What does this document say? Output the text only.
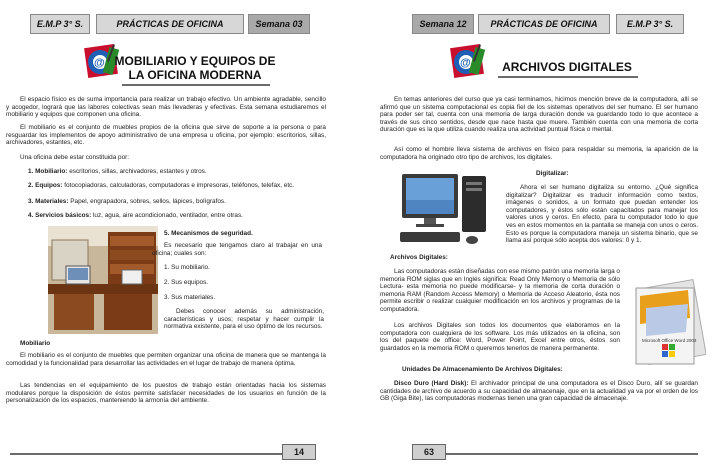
E.M.P 3° S.	PRÁCTICAS DE OFICINA	Semana 03
@ MOBILIARIO Y EQUIPOS DE
LA OFICINA MODERNA
El espacio físico es de suma importancia para realizar un trabajo efectivo. Un ambiente agradable, sencillo y acogedor, logrará que las labores colectivas sean más llevaderas y efectivas. Esta semana estudiaremos el mobiliario y equipos que componen una oficina.
El mobiliario es el conjunto de muebles propios de la oficina que sirve de soporte a la persona o para resguardar los implementos de apoyo administrativo de una empresa u oficina, por ejemplo: escritorios, sillas, archivadores, estantes, etc.
Una oficina debe estar constituida por:
1. Mobiliario: escritorios, sillas, archivadores, estantes y otros.
2. Equipos: fotocopiadoras, calculadoras, computadoras e impresoras, teléfonos, telefax, etc.
3. Materiales: Papel, engrapadora, sobres, sellos, lápices, bolígrafos.
4. Servicios básicos: luz, agua, aire acondicionado, ventilador, entre otras.
5. Mecanismos de seguridad.
Es necesario que tengamos claro al trabajar en una oficina; cuales son:
1. Su mobiliario.
2. Sus equipos.
3. Sus materiales.
Debes conocer además su administración, características y usos; respetar y hacer cumplir la normativa existente, para el uso óptimo de los recursos.
Mobiliario
El mobiliario es el conjunto de muebles que permiten organizar una oficina de manera que se mantenga la comodidad y la funcionalidad para desarrollar las actividades en el lugar de trabajo de manera óptima.
Las tendencias en el equipamiento de los puestos de trabajo están orientadas hacia los sistemas modulares porque la disposición de éstos permite satisfacer necesidades de los usuarios en función de la personalización de los espacios, manteniendo la armonía del ambiente.
14
Semana 12	PRÁCTICAS DE OFICINA	E.M.P 3° S.
@	ARCHIVOS DIGITALES
En temas anteriores del curso que ya casi terminamos, hicimos mención breve de la computadora, allí se afirmó que un sistema computacional es copia fiel de los sistemas operativos del ser humano. El ser humano para poder ser tal, cuenta con una memoria de larga duración donde va guardando todo lo que acontece a través de sus cinco sentidos, desde que nace hasta que muere. También cuenta con una memoria de corta duración que es la que utiliza cuando realiza una actividad puntual física o mental.
Así como el hombre lleva sistema de archivos en físico para respaldar su memoria, la aparición de la computadora ha originado otro tipo de archivos, los digitales.
Digitalizar:
Ahora el ser humano digitaliza su entorno. ¿Qué significa digitalizar? Digitalizar es traducir información como textos, imágenes o sonidos, a un formato que puedan entender los computadores, y éstos sólo están capacitados para manejar los valores unos y ceros. En efecto, para tu computador todo lo que ves en estos momentos en la pantalla se maneja con unos o ceros. Esto es porque la computadora maneja un sistema binario, que se llama así porque sólo acepta dos valores: 0 y 1.
Archivos Digitales:
Las computadoras están diseñadas con ese mismo patrón una memoria larga o memoria ROM siglas que en Inglés significa: Read Only Memory o Memoria de sólo Lectura- esta memoria no puede modificarse- y la memoria de corta duración o memoria RAM (Random Access Memory) o Memoria de Acceso Aleatorio, ésta nos permite escribir o realizar cualquier modificación en los archivos y programas de la computadora.
Los archivos Digitales son todos los documentos que elaboramos en la computadora con cualquiera de los software. Los más utilizados en la oficina, son los del paquete de office: Word, Power Point, Excel entre otros, éstos son guardados en la memoria ROM o queremos tenerlos de manera permanente.
Microsoft Office Word 2003
Unidades De Almacenamiento De Archivos Digitales:
Disco Duro (Hard Disk): El archivador principal de una computadora es el Disco Duro, allí se guardan cantidades de archivo de acuerdo a su capacidad de almacenaje, que en la actualidad ya va por el orden de los GB (Giga Bite), las computadoras modernas tienen una gran capacidad de almacenaje.
63
